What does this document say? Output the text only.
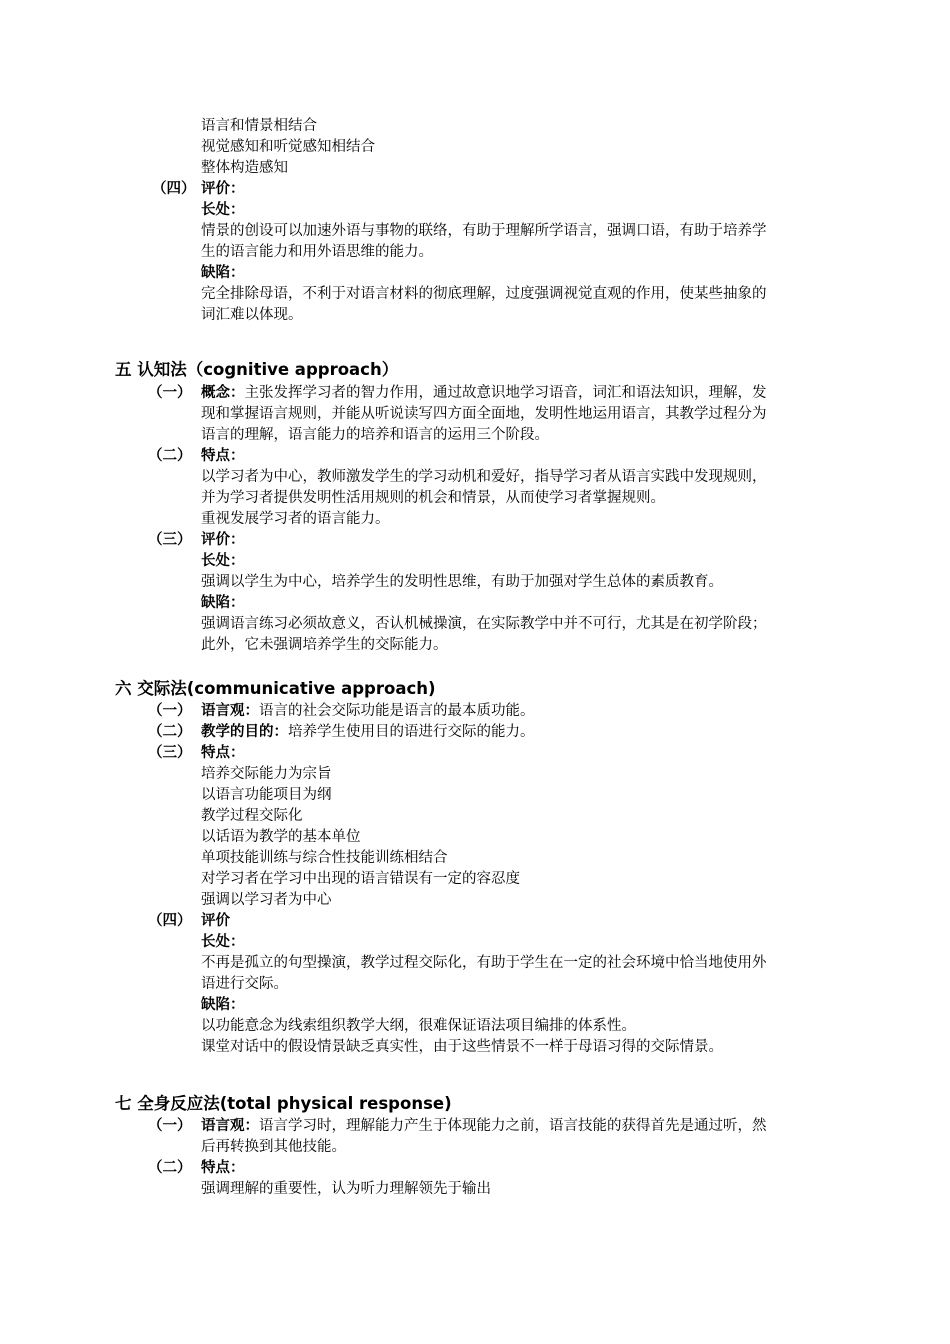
语言和情景相结合
视觉感知和听觉感知相结合
整体构造感知
（四） 评价：
长处：
情景的创设可以加速外语与事物的联络，有助于理解所学语言，强调口语，有助于培养学
生的语言能力和用外语思维的能力。
缺陷：
完全排除母语，不利于对语言材料的彻底理解，过度强调视觉直观的作用，使某些抽象的
词汇难以体现。
五 认知法（cognitive approach）
（一） 概念：主张发挥学习者的智力作用，通过故意识地学习语音，词汇和语法知识，理解，发
现和掌握语言规则，并能从听说读写四方面全面地，发明性地运用语言，其教学过程分为
语言的理解，语言能力的培养和语言的运用三个阶段。
（二） 特点：
以学习者为中心，教师激发学生的学习动机和爱好，指导学习者从语言实践中发现规则，
并为学习者提供发明性活用规则的机会和情景，从而使学习者掌握规则。
重视发展学习者的语言能力。
（三） 评价：
长处：
强调以学生为中心，培养学生的发明性思维，有助于加强对学生总体的素质教育。
缺陷：
强调语言练习必须故意义，否认机械操演，在实际教学中并不可行，尤其是在初学阶段；
此外，它未强调培养学生的交际能力。
六 交际法(communicative approach)
（一） 语言观：语言的社会交际功能是语言的最本质功能。
（二） 教学的目的：培养学生使用目的语进行交际的能力。
（三） 特点：
培养交际能力为宗旨
以语言功能项目为纲
教学过程交际化
以话语为教学的基本单位
单项技能训练与综合性技能训练相结合
对学习者在学习中出现的语言错误有一定的容忍度
强调以学习者为中心
（四） 评价
长处：
不再是孤立的句型操演，教学过程交际化，有助于学生在一定的社会环境中恰当地使用外
语进行交际。
缺陷：
以功能意念为线索组织教学大纲，很难保证语法项目编排的体系性。
课堂对话中的假设情景缺乏真实性，由于这些情景不一样于母语习得的交际情景。
七 全身反应法(total physical response)
（一） 语言观：语言学习时，理解能力产生于体现能力之前，语言技能的获得首先是通过听，然
后再转换到其他技能。
（二） 特点：
强调理解的重要性，认为听力理解领先于输出
